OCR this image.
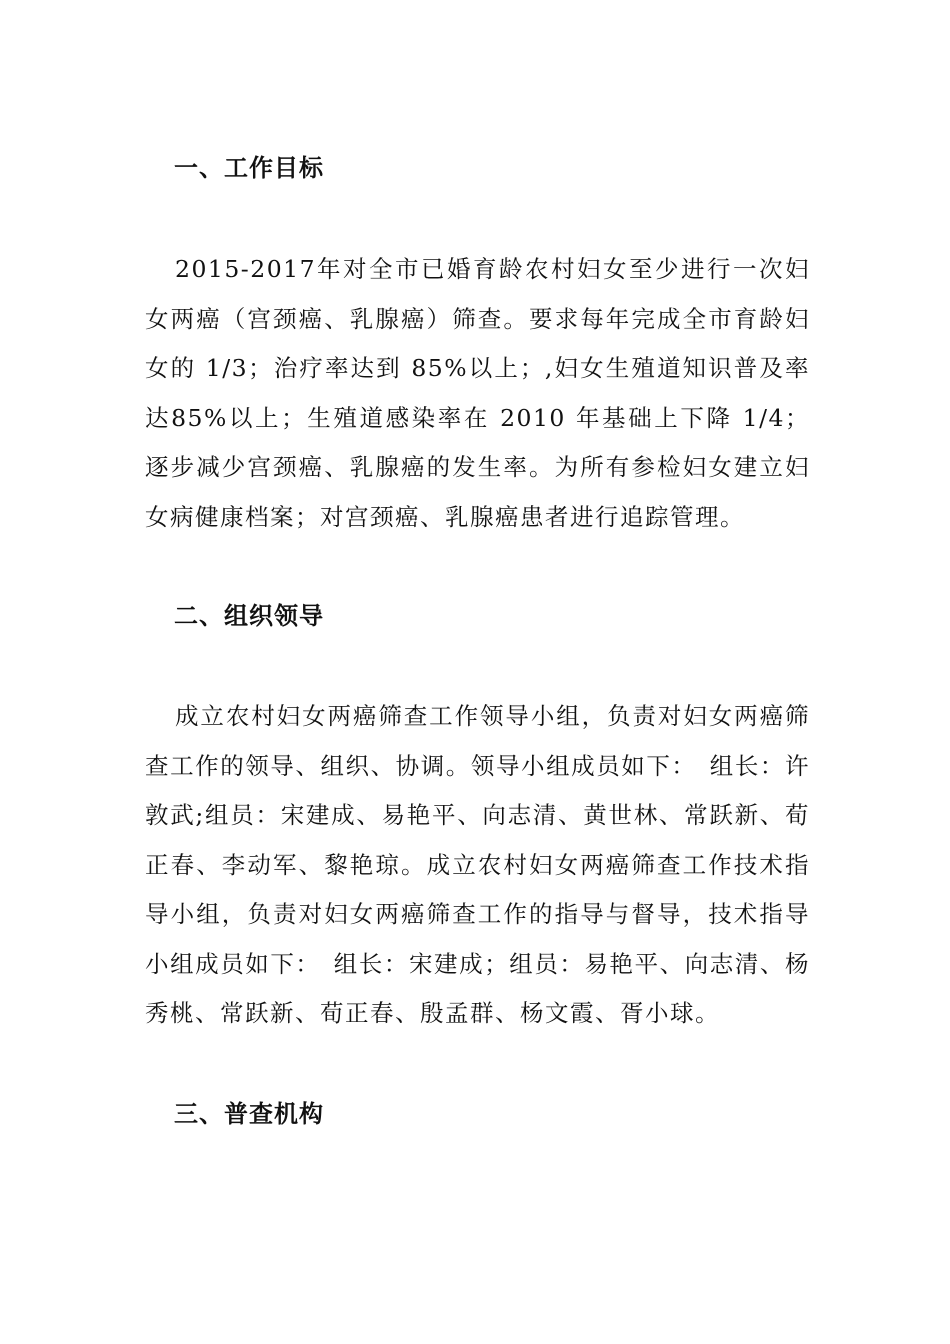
一、工作目标

2015-2017年对全市已婚育龄农村妇女至少进行一次妇女两癌（宫颈癌、乳腺癌）筛查。要求每年完成全市育龄妇女的 1/3；治疗率达到 85%以上；,妇女生殖道知识普及率达85%以上；生殖道感染率在 2010 年基础上下降 1/4；逐步减少宫颈癌、乳腺癌的发生率。为所有参检妇女建立妇女病健康档案；对宫颈癌、乳腺癌患者进行追踪管理。

二、组织领导

成立农村妇女两癌筛查工作领导小组，负责对妇女两癌筛查工作的领导、组织、协调。领导小组成员如下：　组长：许敦武;组员：宋建成、易艳平、向志清、黄世林、常跃新、荀正春、李动军、黎艳琼。成立农村妇女两癌筛查工作技术指导小组，负责对妇女两癌筛查工作的指导与督导，技术指导小组成员如下：　组长：宋建成；组员：易艳平、向志清、杨秀桃、常跃新、荀正春、殷孟群、杨文霞、胥小球。

三、普查机构
